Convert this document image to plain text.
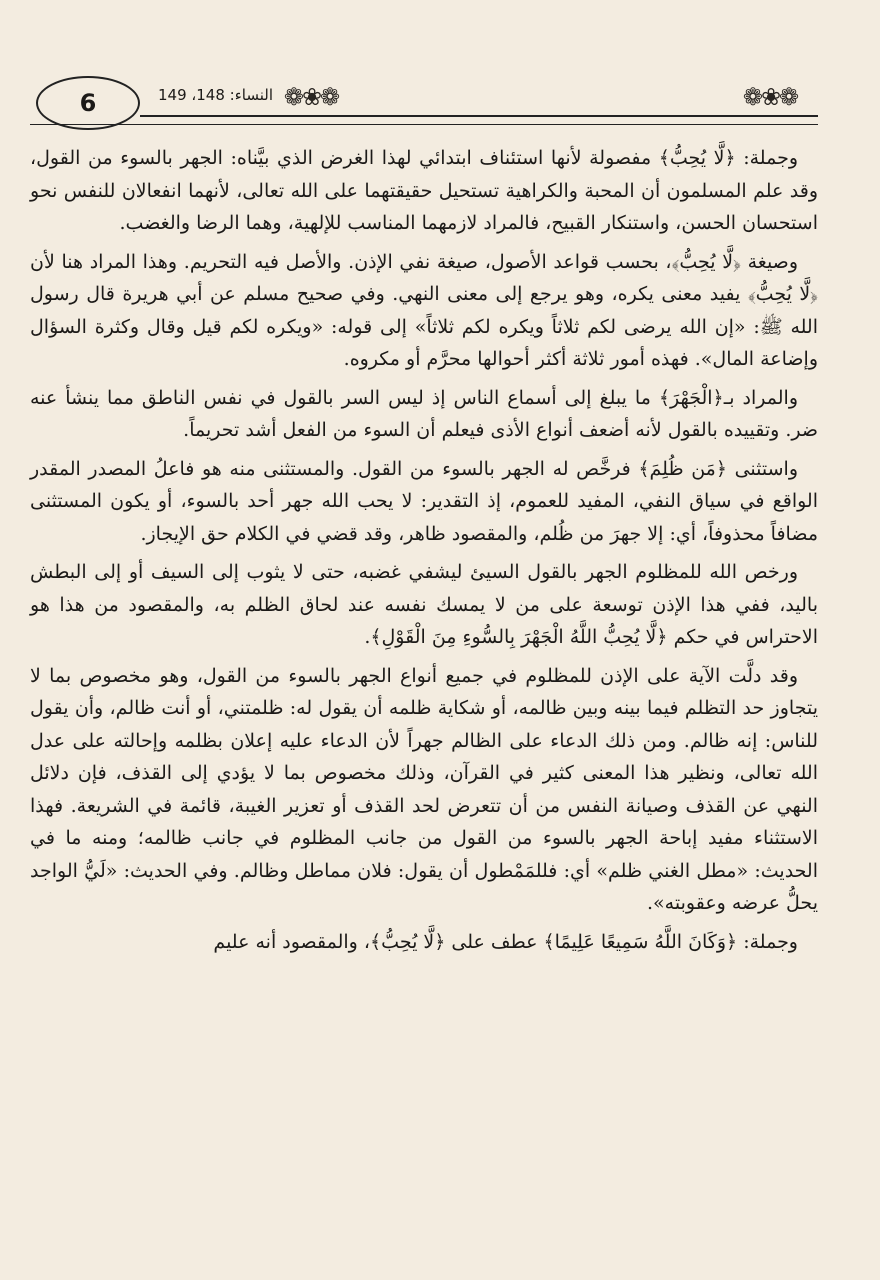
6	❁❀❁
❁❀❁
النساء: 148، 149

وجملة: ﴿لَّا يُحِبُّ﴾ مفصولة لأنها استئناف ابتدائي لهذا الغرض الذي بيَّناه: الجهر بالسوء من القول، وقد علم المسلمون أن المحبة والكراهية تستحيل حقيقتهما على الله تعالى، لأنهما انفعالان للنفس نحو استحسان الحسن، واستنكار القبيح، فالمراد لازمهما المناسب للإلهية، وهما الرضا والغضب.

وصيغة ﴿لَّا يُحِبُّ﴾، بحسب قواعد الأصول، صيغة نفي الإذن. والأصل فيه التحريم. وهذا المراد هنا لأن ﴿لَّا يُحِبُّ﴾ يفيد معنى يكره، وهو يرجع إلى معنى النهي. وفي صحيح مسلم عن أبي هريرة قال رسول الله ﷺ: «إن الله يرضى لكم ثلاثاً ويكره لكم ثلاثاً» إلى قوله: «ويكره لكم قيل وقال وكثرة السؤال وإضاعة المال». فهذه أمور ثلاثة أكثر أحوالها محرَّم أو مكروه.

والمراد بـ﴿الْجَهْرَ﴾ ما يبلغ إلى أسماع الناس إذ ليس السر بالقول في نفس الناطق مما ينشأ عنه ضر. وتقييده بالقول لأنه أضعف أنواع الأذى فيعلم أن السوء من الفعل أشد تحريماً.

واستثنى ﴿مَن ظُلِمَ﴾ فرخَّص له الجهر بالسوء من القول. والمستثنى منه هو فاعلُ المصدر المقدر الواقع في سياق النفي، المفيد للعموم، إذ التقدير: لا يحب الله جهر أحد بالسوء، أو يكون المستثنى مضافاً محذوفاً، أي: إلا جهرَ من ظُلم، والمقصود ظاهر، وقد قضي في الكلام حق الإيجاز.

ورخص الله للمظلوم الجهر بالقول السيئ ليشفي غضبه، حتى لا يثوب إلى السيف أو إلى البطش باليد، ففي هذا الإذن توسعة على من لا يمسك نفسه عند لحاق الظلم به، والمقصود من هذا هو الاحتراس في حكم ﴿لَّا يُحِبُّ اللَّهُ الْجَهْرَ بِالسُّوءِ مِنَ الْقَوْلِ﴾.

وقد دلَّت الآية على الإذن للمظلوم في جميع أنواع الجهر بالسوء من القول، وهو مخصوص بما لا يتجاوز حد التظلم فيما بينه وبين ظالمه، أو شكاية ظلمه أن يقول له: ظلمتني، أو أنت ظالم، وأن يقول للناس: إنه ظالم. ومن ذلك الدعاء على الظالم جهراً لأن الدعاء عليه إعلان بظلمه وإحالته على عدل الله تعالى، ونظير هذا المعنى كثير في القرآن، وذلك مخصوص بما لا يؤدي إلى القذف، فإن دلائل النهي عن القذف وصيانة النفس من أن تتعرض لحد القذف أو تعزير الغيبة، قائمة في الشريعة. فهذا الاستثناء مفيد إباحة الجهر بالسوء من القول من جانب المظلوم في جانب ظالمه؛ ومنه ما في الحديث: «مطل الغني ظلم» أي: فللمَمْطول أن يقول: فلان مماطل وظالم. وفي الحديث: «لَيُّ الواجد يحلُّ عرضه وعقوبته».

وجملة: ﴿وَكَانَ اللَّهُ سَمِيعًا عَلِيمًا﴾ عطف على ﴿لَّا يُحِبُّ﴾، والمقصود أنه عليم
